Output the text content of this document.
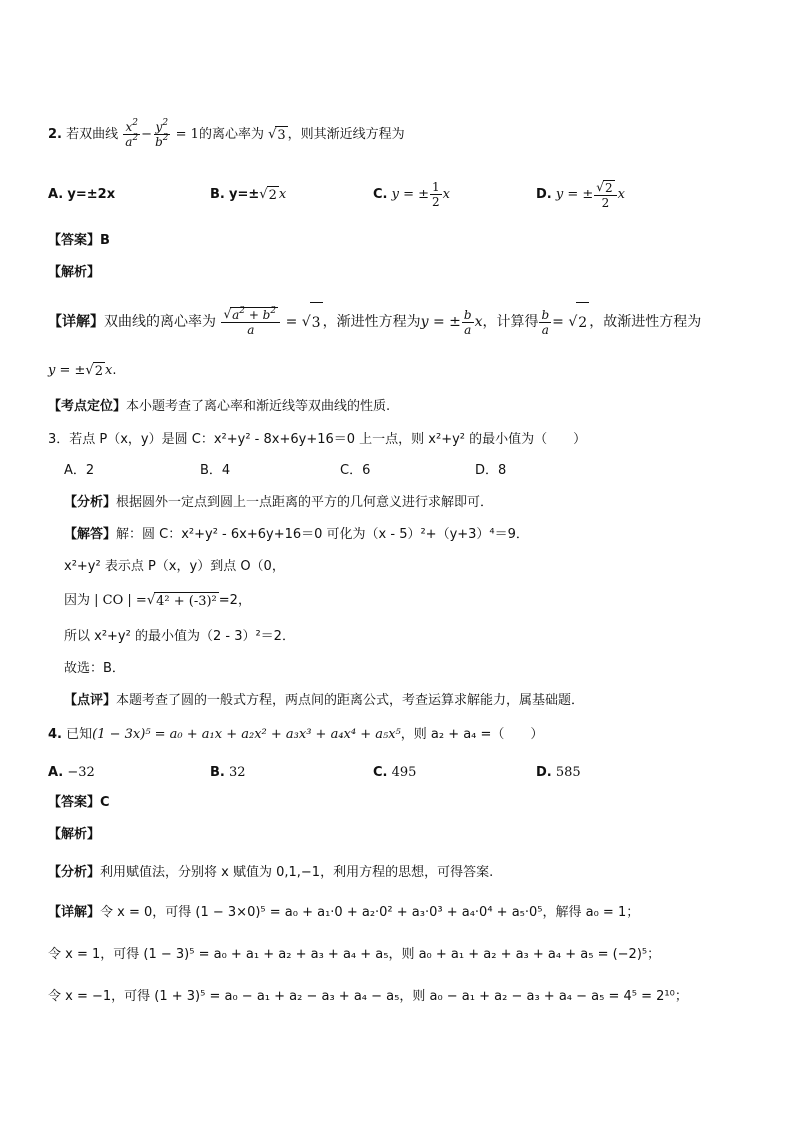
2. 若双曲线 $\frac{x^2}{a^2} - \frac{y^2}{b^2} = 1$的离心率为 √ 3 ，则其渐近线方程为
A. y=±2x	B. y=± √ 2 x	C. y = ± $\frac{1}{2}$ x	D. y = ± $\frac{√ 2}{2}$ x
【答案】B
【解析】
【详解】双曲线的离心率为 $\frac{√ a^2 + b^2}{a}$ = √ 3 ，渐进性方程为y = ± $\frac{b}{a}$ x，计算得 $\frac{b}{a}$ = √ 2 ，故渐进性方程为
y = ± √ 2 x.
【考点定位】本小题考查了离心率和渐近线等双曲线的性质.
3．若点 P（x，y）是圆 C：x²+y² - 8x+6y+16＝0 上一点，则 x²+y² 的最小值为（　　）
A．2	B．4	C．6	D．8
【分析】根据圆外一定点到圆上一点距离的平方的几何意义进行求解即可．
【解答】解：圆 C：x²+y² - 6x+6y+16＝0 可化为（x - 5）²+（y+3）⁴＝9．
x²+y² 表示点 P（x，y）到点 O（0，
因为 | CO | = √ 4² + (-3)² =2，
所以 x²+y² 的最小值为（2 - 3）²＝2．
故选：B．
【点评】本题考查了圆的一般式方程，两点间的距离公式，考查运算求解能力，属基础题．
4. 已知(1 − 3x)⁵ = a₀ + a₁x + a₂x² + a₃x³ + a₄x⁴ + a₅x⁵，则 a₂ + a₄ =（　　）
A. −32	B. 32	C. 495	D. 585
【答案】C
【解析】
【分析】利用赋值法，分别将 x 赋值为 0,1,−1，利用方程的思想，可得答案.
【详解】令 x = 0，可得 (1 − 3×0)⁵ = a₀ + a₁·0 + a₂·0² + a₃·0³ + a₄·0⁴ + a₅·0⁵，解得 a₀ = 1；
令 x = 1，可得 (1 − 3)⁵ = a₀ + a₁ + a₂ + a₃ + a₄ + a₅，则 a₀ + a₁ + a₂ + a₃ + a₄ + a₅ = (−2)⁵；
令 x = −1，可得 (1 + 3)⁵ = a₀ − a₁ + a₂ − a₃ + a₄ − a₅，则 a₀ − a₁ + a₂ − a₃ + a₄ − a₅ = 4⁵ = 2¹⁰；
